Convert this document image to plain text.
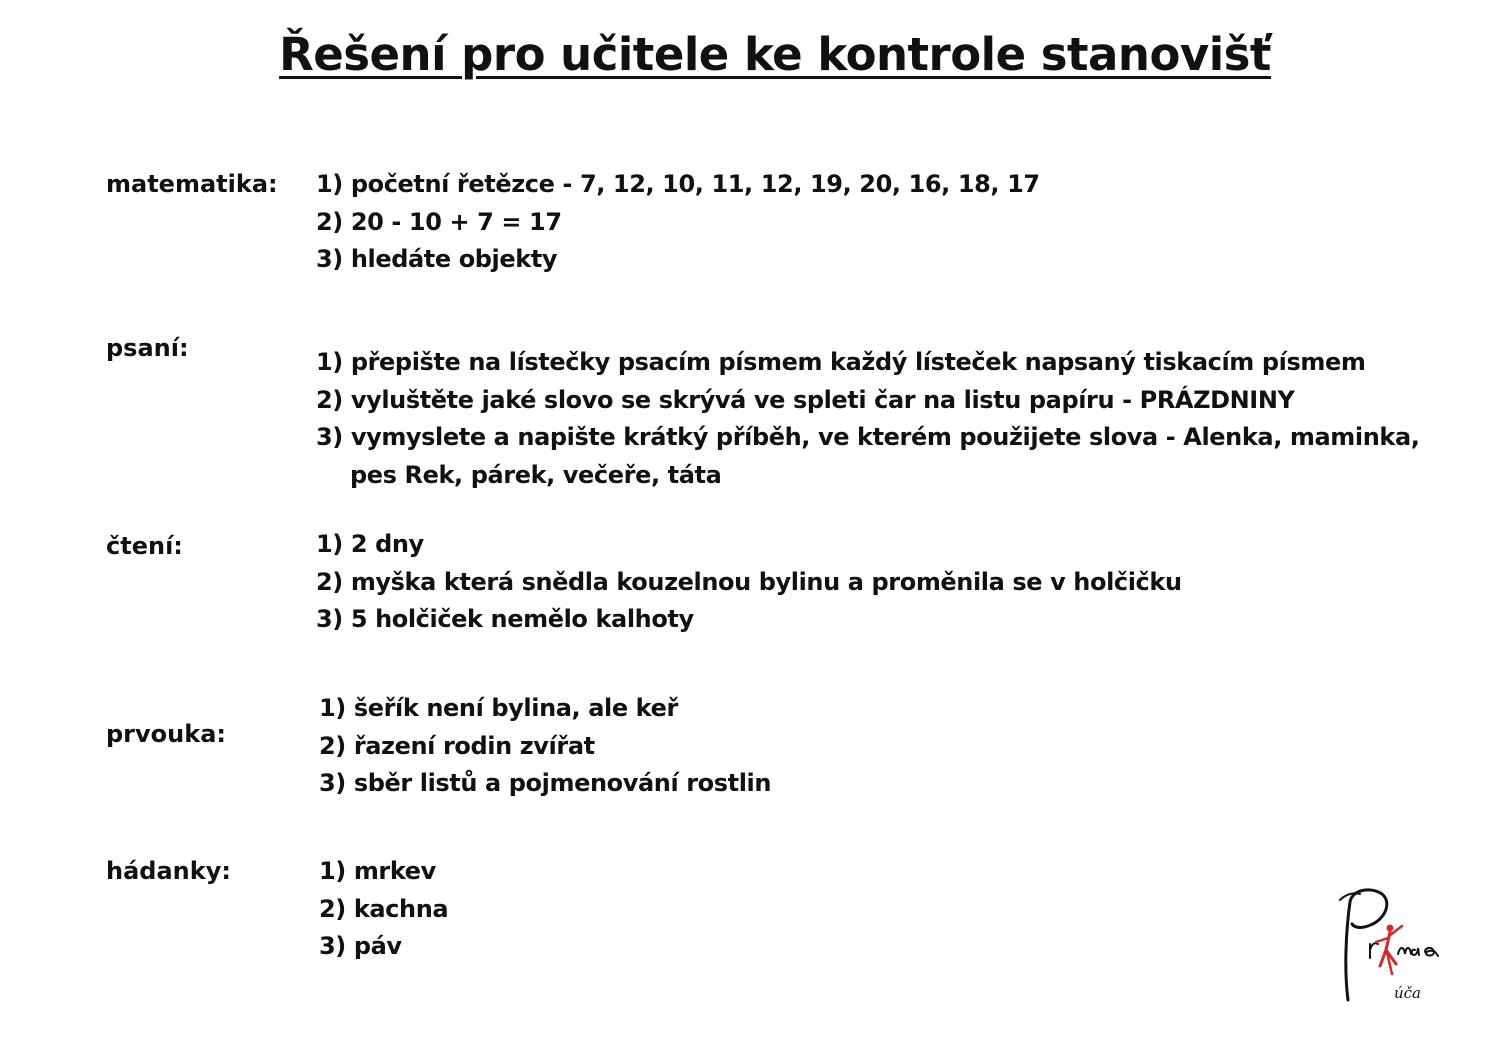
Řešení pro učitele ke kontrole stanovišť
matematika: 1) početní řetězce - 7, 12, 10, 11, 12, 19, 20, 16, 18, 17
2) 20 - 10 + 7 = 17
3) hledáte objekty
psaní:	1) přepište na lístečky psacím písmem každý lísteček napsaný tiskacím písmem
2) vyluštěte jaké slovo se skrývá ve spleti čar na listu papíru - PRÁZDNINY
3) vymyslete a napište krátký příběh, ve kterém použijete slova - Alenka, maminka,
pes Rek, párek, večeře, táta
čtení:	1) 2 dny
2) myška která snědla kouzelnou bylinu a proměnila se v holčičku
3) 5 holčiček nemělo kalhoty
prvouka:
1) šeřík není bylina, ale keř
2) řazení rodin zvířat
3) sběr listů a pojmenování rostlin
hádanky:	1) mrkev
2) kachna
3) páv
účа
